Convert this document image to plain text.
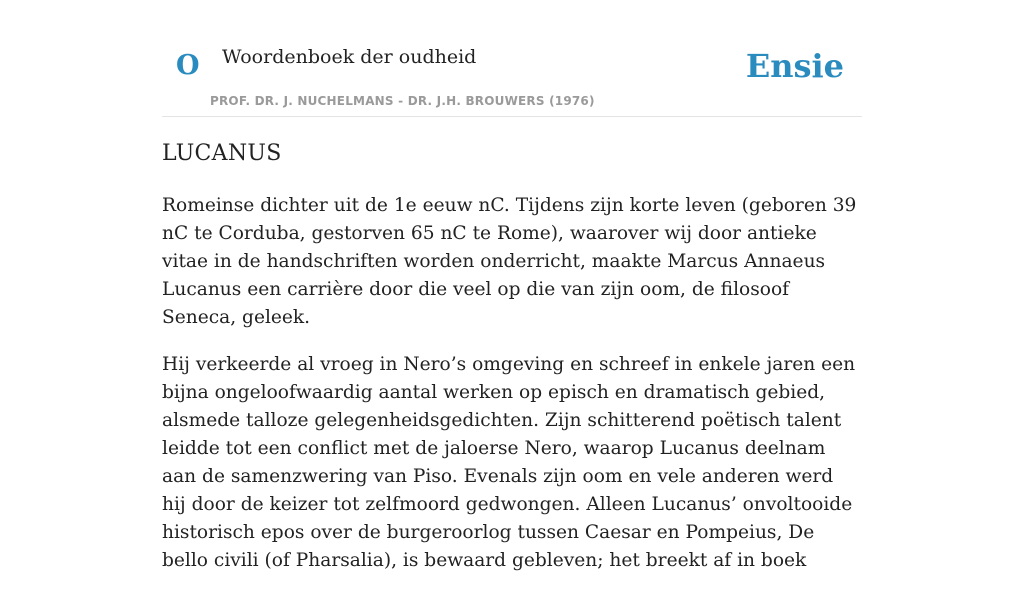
O Woordenboek der oudheid
PROF. DR. J. NUCHELMANS - DR. J.H. BROUWERS (1976)
Ensie
LUCANUS

Romeinse dichter uit de 1e eeuw nC. Tijdens zijn korte leven (geboren 39 nC te Corduba, gestorven 65 nC te Rome), waarover wij door antieke vitae in de handschriften worden onderricht, maakte Marcus Annaeus Lucanus een carrière door die veel op die van zijn oom, de filosoof Seneca, geleek.

Hij verkeerde al vroeg in Nero’s omgeving en schreef in enkele jaren een bijna ongeloofwaardig aantal werken op episch en dramatisch gebied, alsmede talloze gelegenheidsgedichten. Zijn schitterend poëtisch talent leidde tot een conflict met de jaloerse Nero, waarop Lucanus deelnam aan de samenzwering van Piso. Evenals zijn oom en vele anderen werd hij door de keizer tot zelfmoord gedwongen. Alleen Lucanus’ onvoltooide historisch epos over de burgeroorlog tussen Caesar en Pompeius, De bello civili (of Pharsalia), is bewaard gebleven; het breekt af in boek
